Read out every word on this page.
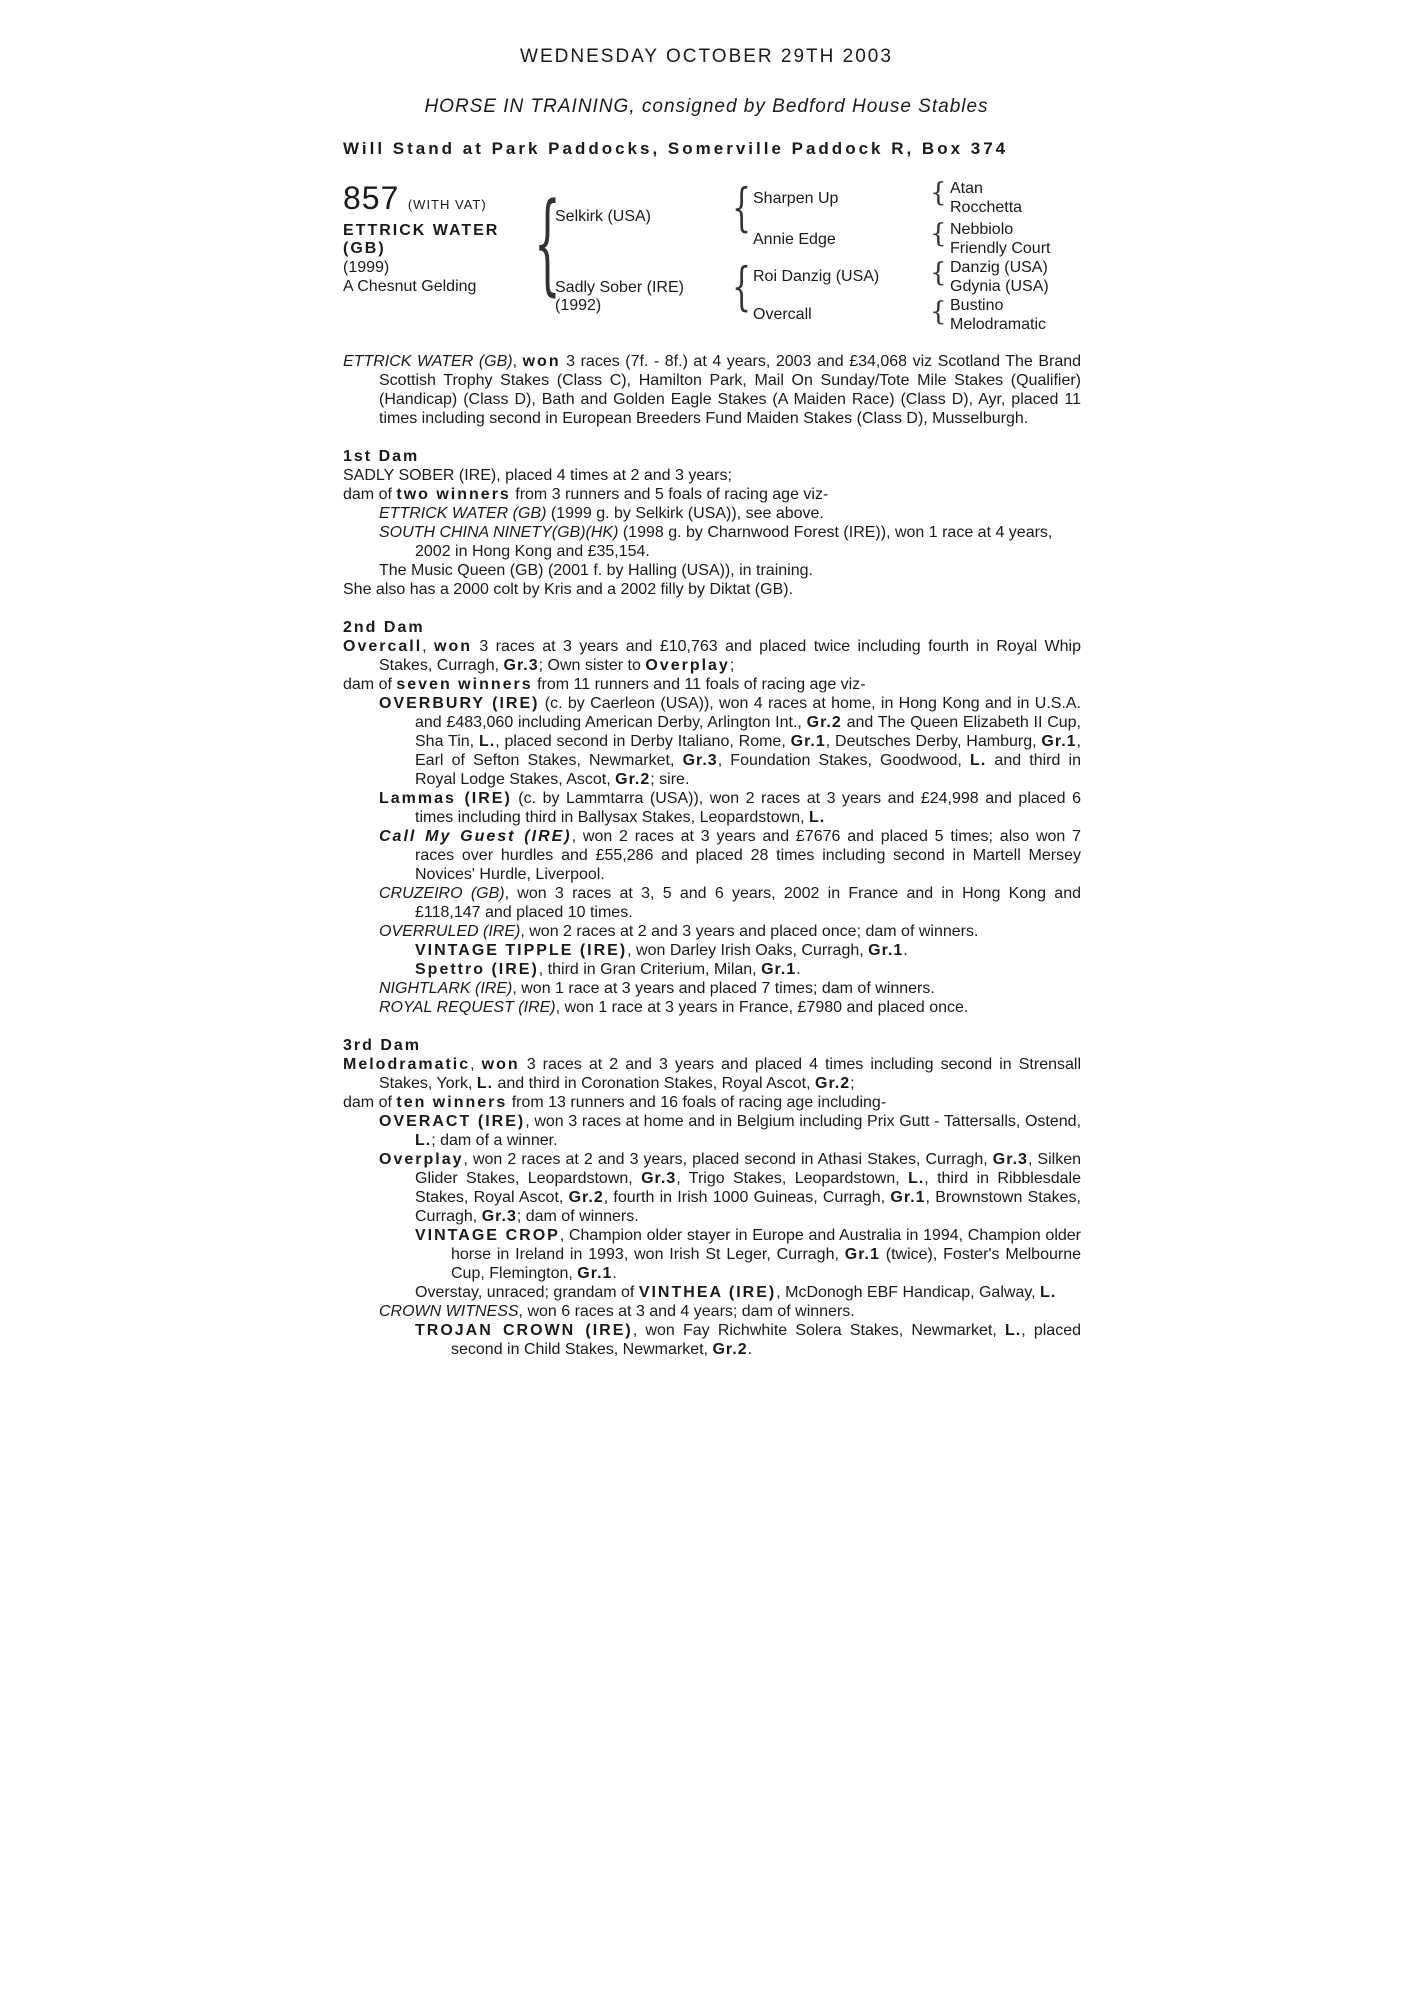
WEDNESDAY OCTOBER 29TH 2003
HORSE IN TRAINING, consigned by Bedford House Stables
Will Stand at Park Paddocks, Somerville Paddock R, Box 374
857 (WITH VAT)
ETTRICK WATER
(GB)
(1999)
A Chesnut Gelding {
Selkirk (USA)
Sadly Sober (IRE)
(1992)
{ Sharpen Up
Annie Edge
{ Roi Danzig (USA)
Overcall
{ Atan
Rocchetta
{ Nebbiolo
Friendly Court
{ Danzig (USA)
Gdynia (USA)
{ Bustino
Melodramatic

ETTRICK WATER (GB), won 3 races (7f. - 8f.) at 4 years, 2003 and £34,068 viz Scotland The Brand Scottish Trophy Stakes (Class C), Hamilton Park, Mail On Sunday/Tote Mile Stakes (Qualifier) (Handicap) (Class D), Bath and Golden Eagle Stakes (A Maiden Race) (Class D), Ayr, placed 11 times including second in European Breeders Fund Maiden Stakes (Class D), Musselburgh.

1st Dam

SADLY SOBER (IRE), placed 4 times at 2 and 3 years;

dam of two winners from 3 runners and 5 foals of racing age viz-

ETTRICK WATER (GB) (1999 g. by Selkirk (USA)), see above.

SOUTH CHINA NINETY(GB)(HK) (1998 g. by Charnwood Forest (IRE)), won 1 race at 4 years, 2002 in Hong Kong and £35,154.

The Music Queen (GB) (2001 f. by Halling (USA)), in training.

She also has a 2000 colt by Kris and a 2002 filly by Diktat (GB).

2nd Dam

Overcall, won 3 races at 3 years and £10,763 and placed twice including fourth in Royal Whip Stakes, Curragh, Gr.3; Own sister to Overplay;

dam of seven winners from 11 runners and 11 foals of racing age viz-

OVERBURY (IRE) (c. by Caerleon (USA)), won 4 races at home, in Hong Kong and in U.S.A. and £483,060 including American Derby, Arlington Int., Gr.2 and The Queen Elizabeth II Cup, Sha Tin, L., placed second in Derby Italiano, Rome, Gr.1, Deutsches Derby, Hamburg, Gr.1, Earl of Sefton Stakes, Newmarket, Gr.3, Foundation Stakes, Goodwood, L. and third in Royal Lodge Stakes, Ascot, Gr.2; sire.

Lammas (IRE) (c. by Lammtarra (USA)), won 2 races at 3 years and £24,998 and placed 6 times including third in Ballysax Stakes, Leopardstown, L.

Call My Guest (IRE), won 2 races at 3 years and £7676 and placed 5 times; also won 7 races over hurdles and £55,286 and placed 28 times including second in Martell Mersey Novices' Hurdle, Liverpool.

CRUZEIRO (GB), won 3 races at 3, 5 and 6 years, 2002 in France and in Hong Kong and £118,147 and placed 10 times.

OVERRULED (IRE), won 2 races at 2 and 3 years and placed once; dam of winners.

VINTAGE TIPPLE (IRE), won Darley Irish Oaks, Curragh, Gr.1.

Spettro (IRE), third in Gran Criterium, Milan, Gr.1.

NIGHTLARK (IRE), won 1 race at 3 years and placed 7 times; dam of winners.

ROYAL REQUEST (IRE), won 1 race at 3 years in France, £7980 and placed once.

3rd Dam

Melodramatic, won 3 races at 2 and 3 years and placed 4 times including second in Strensall Stakes, York, L. and third in Coronation Stakes, Royal Ascot, Gr.2;

dam of ten winners from 13 runners and 16 foals of racing age including-

OVERACT (IRE), won 3 races at home and in Belgium including Prix Gutt - Tattersalls, Ostend, L.; dam of a winner.

Overplay, won 2 races at 2 and 3 years, placed second in Athasi Stakes, Curragh, Gr.3, Silken Glider Stakes, Leopardstown, Gr.3, Trigo Stakes, Leopardstown, L., third in Ribblesdale Stakes, Royal Ascot, Gr.2, fourth in Irish 1000 Guineas, Curragh, Gr.1, Brownstown Stakes, Curragh, Gr.3; dam of winners.

VINTAGE CROP, Champion older stayer in Europe and Australia in 1994, Champion older horse in Ireland in 1993, won Irish St Leger, Curragh, Gr.1 (twice), Foster's Melbourne Cup, Flemington, Gr.1.

Overstay, unraced; grandam of VINTHEA (IRE), McDonogh EBF Handicap, Galway, L.

CROWN WITNESS, won 6 races at 3 and 4 years; dam of winners.

TROJAN CROWN (IRE), won Fay Richwhite Solera Stakes, Newmarket, L., placed second in Child Stakes, Newmarket, Gr.2.
